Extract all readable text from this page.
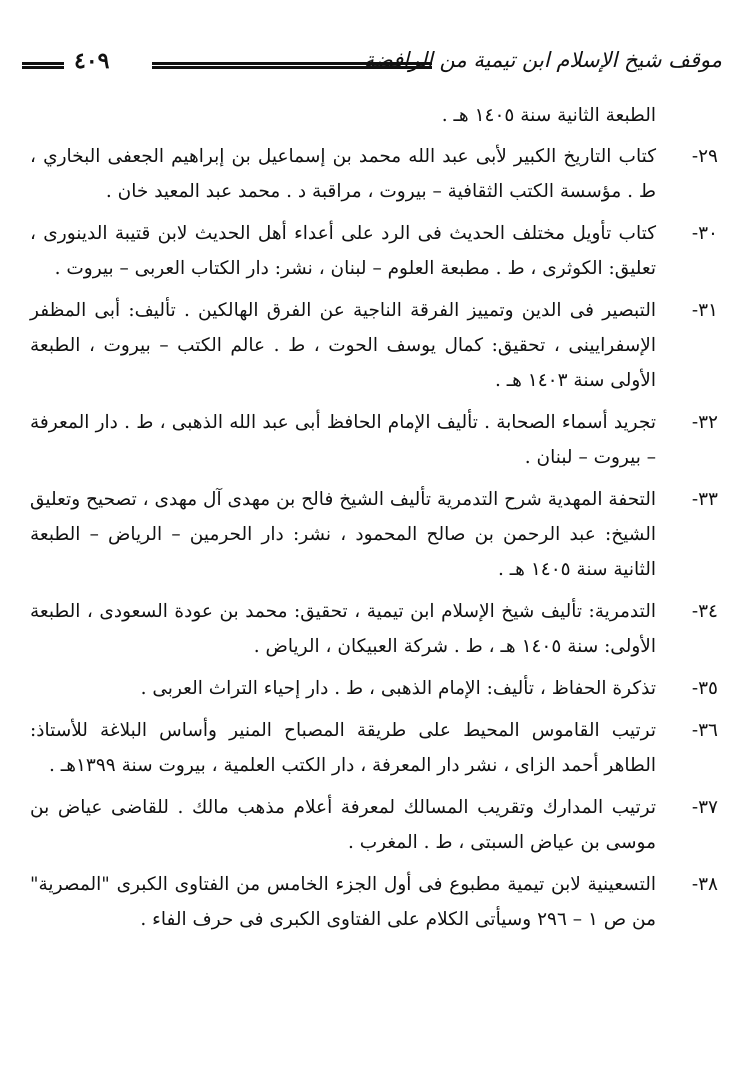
موقف شيخ الإسلام ابن تيمية من الرافضة
٤٠٩
الطبعة الثانية سنة ١٤٠٥ هـ .
٢٩-
كتاب التاريخ الكبير لأبى عبد الله محمد بن إسماعيل بن إبراهيم الجعفى البخاري ، ط . مؤسسة الكتب الثقافية – بيروت ، مراقبة د . محمد عبد المعيد خان .
٣٠-
كتاب تأويل مختلف الحديث فى الرد على أعداء أهل الحديث لابن قتيبة الدينورى ، تعليق: الكوثرى ، ط . مطبعة العلوم – لبنان ، نشر: دار الكتاب العربى – بيروت .
٣١-
التبصير فى الدين وتمييز الفرقة الناجية عن الفرق الهالكين . تأليف: أبى المظفر الإسفرايينى ، تحقيق: كمال يوسف الحوت ، ط . عالم الكتب – بيروت ، الطبعة الأولى سنة ١٤٠٣ هـ .
٣٢-
تجريد أسماء الصحابة . تأليف الإمام الحافظ أبى عبد الله الذهبى ، ط . دار المعرفة – بيروت – لبنان .
٣٣-
التحفة المهدية شرح التدمرية تأليف الشيخ فالح بن مهدى آل مهدى ، تصحيح وتعليق الشيخ: عبد الرحمن بن صالح المحمود ، نشر: دار الحرمين – الرياض – الطبعة الثانية سنة ١٤٠٥ هـ .
٣٤-
التدمرية: تأليف شيخ الإسلام ابن تيمية ، تحقيق: محمد بن عودة السعودى ، الطبعة الأولى: سنة ١٤٠٥ هـ ، ط . شركة العبيكان ، الرياض .
٣٥-
تذكرة الحفاظ ، تأليف: الإمام الذهبى ، ط . دار إحياء التراث العربى .
٣٦-
ترتيب القاموس المحيط على طريقة المصباح المنير وأساس البلاغة للأستاذ: الطاهر أحمد الزاى ، نشر دار المعرفة ، دار الكتب العلمية ، بيروت سنة ١٣٩٩هـ .
٣٧-
ترتيب المدارك وتقريب المسالك لمعرفة أعلام مذهب مالك . للقاضى عياض بن موسى بن عياض السبتى ، ط . المغرب .
٣٨-
التسعينية لابن تيمية مطبوع فى أول الجزء الخامس من الفتاوى الكبرى "المصرية" من ص ١ – ٢٩٦ وسيأتى الكلام على الفتاوى الكبرى فى حرف الفاء .
